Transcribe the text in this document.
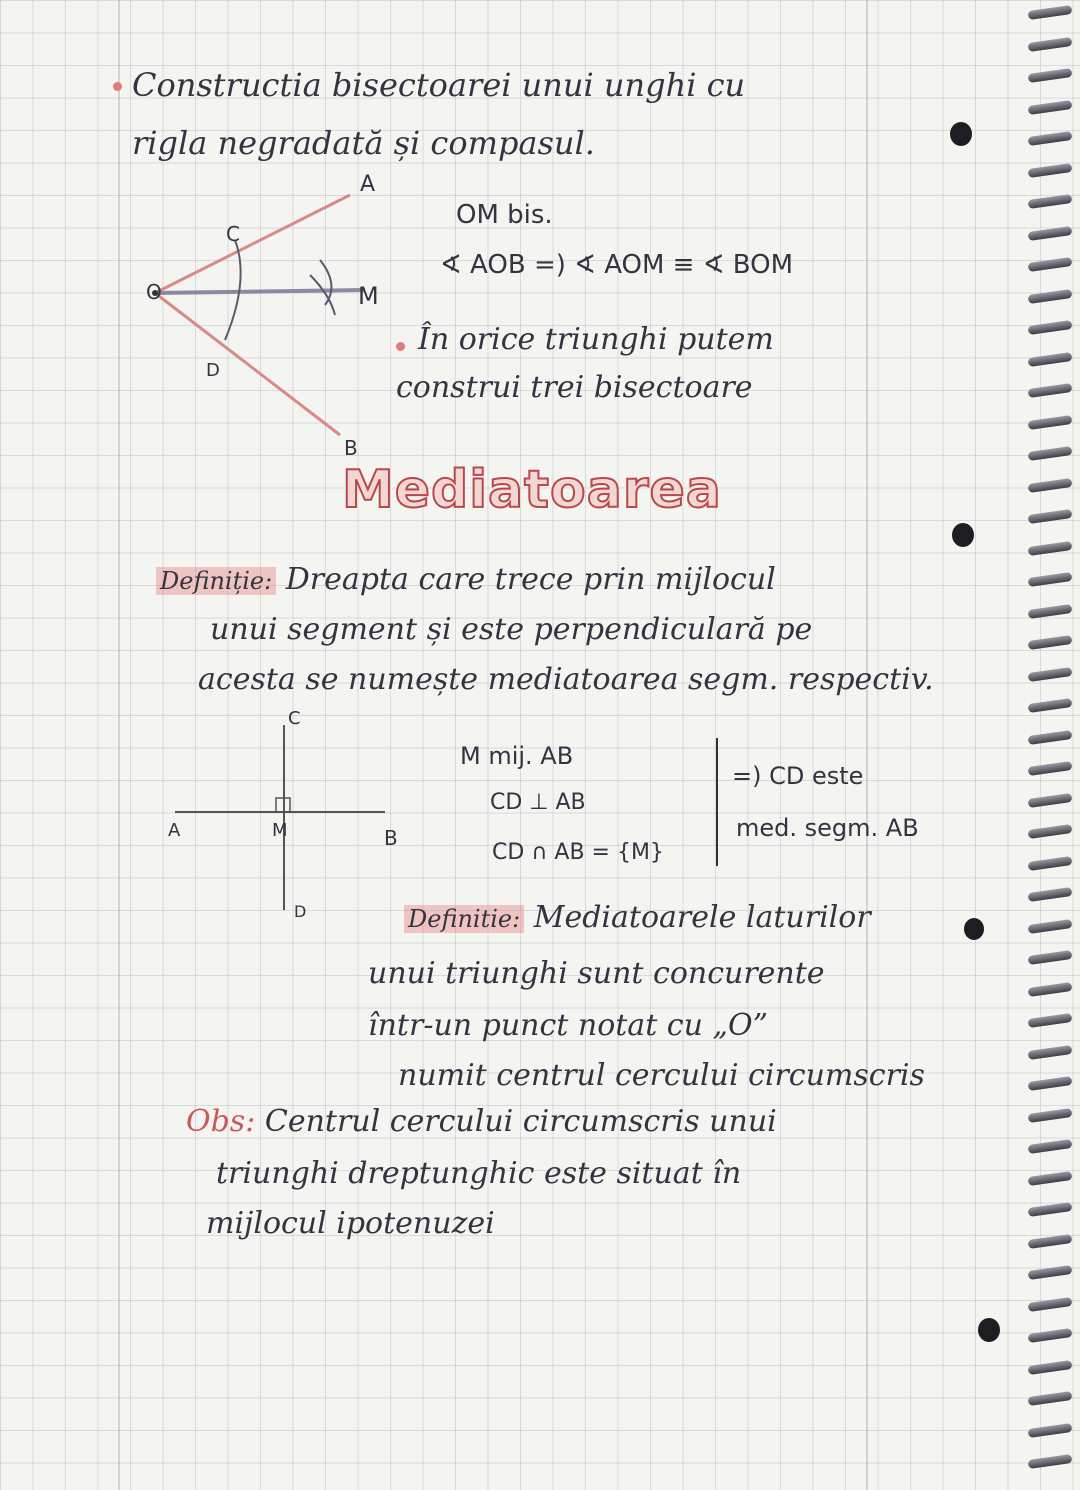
Constructia bisectoarei unui unghi cu
rigla negradată și compasul.
A
C
O	M
D
B
OM bis.
∢ AOB =) ∢ AOM ≡ ∢ BOM
În orice triunghi putem
construi trei bisectoare
Mediatoarea
Definiție: Dreapta care trece prin mijlocul
unui segment și este perpendiculară pe
acesta se numește mediatoarea segm. respectiv.
C
A	M	B
D
M mij. AB
CD ⊥ AB
CD ∩ AB = {M}
=) CD este
med. segm. AB
Definitie: Mediatoarele laturilor
unui triunghi sunt concurente
într-un punct notat cu „O”
numit centrul cercului circumscris
Obs: Centrul cercului circumscris unui
triunghi dreptunghic este situat în
mijlocul ipotenuzei
